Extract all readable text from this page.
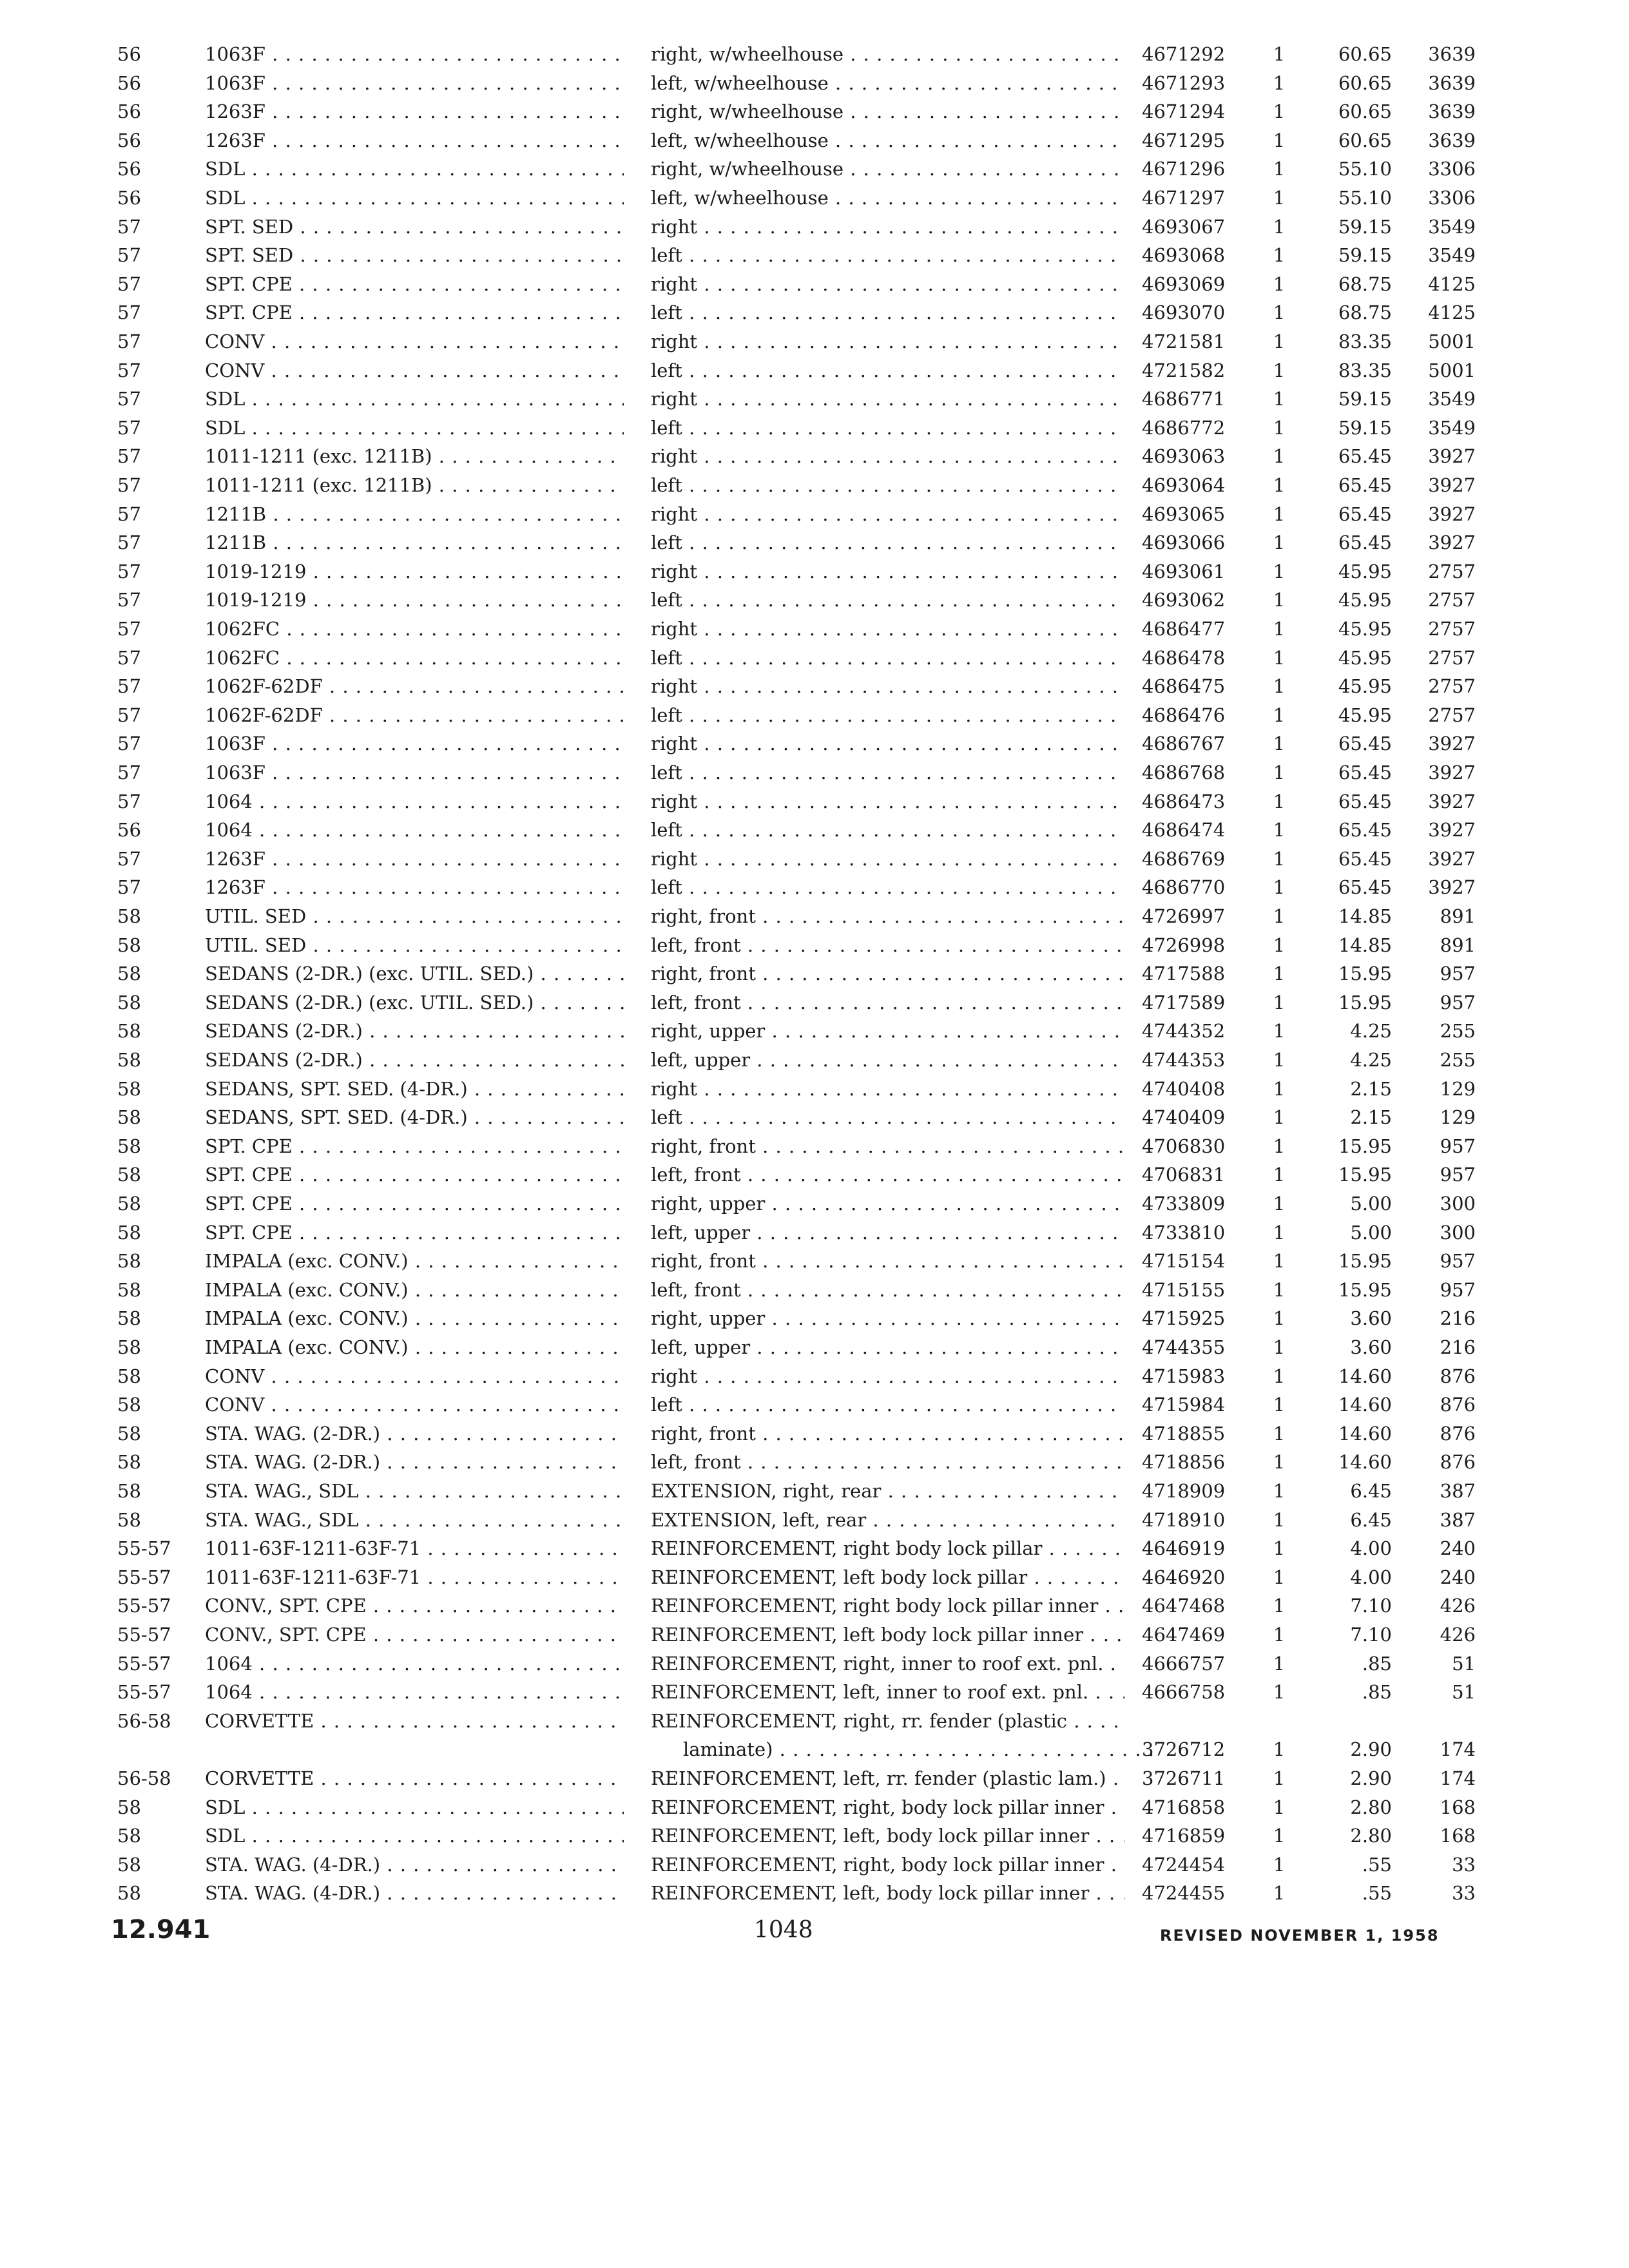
56	1063F . . .	right, w/wheelhouse . . .	4671292	1	60.65	3639
56	1063F . . .	left, w/wheelhouse . . .	4671293	1	60.65	3639
56	1263F . . .	right, w/wheelhouse . . .	4671294	1	60.65	3639
56	1263F . . .	left, w/wheelhouse . . .	4671295	1	60.65	3639
56	SDL . . .	right, w/wheelhouse . . .	4671296	1	55.10	3306
56	SDL . . .	left, w/wheelhouse . . .	4671297	1	55.10	3306
57	SPT. SED . . .	right . . .	4693067	1	59.15	3549
57	SPT. SED . . .	left . . .	4693068	1	59.15	3549
57	SPT. CPE . . .	right . . .	4693069	1	68.75	4125
57	SPT. CPE . . .	left . . .	4693070	1	68.75	4125
57	CONV . . .	right . . .	4721581	1	83.35	5001
57	CONV . . .	left . . .	4721582	1	83.35	5001
57	SDL . . .	right . . .	4686771	1	59.15	3549
57	SDL . . .	left . . .	4686772	1	59.15	3549
57	1011-1211 (exc. 1211B) . . .	right . . .	4693063	1	65.45	3927
57	1011-1211 (exc. 1211B) . . .	left . . .	4693064	1	65.45	3927
57	1211B . . .	right . . .	4693065	1	65.45	3927
57	1211B . . .	left . . .	4693066	1	65.45	3927
57	1019-1219 . . .	right . . .	4693061	1	45.95	2757
57	1019-1219 . . .	left . . .	4693062	1	45.95	2757
57	1062FC . . .	right . . .	4686477	1	45.95	2757
57	1062FC . . .	left . . .	4686478	1	45.95	2757
57	1062F-62DF . . .	right . . .	4686475	1	45.95	2757
57	1062F-62DF . . .	left . . .	4686476	1	45.95	2757
57	1063F . . .	right . . .	4686767	1	65.45	3927
57	1063F . . .	left . . .	4686768	1	65.45	3927
57	1064 . . .	right . . .	4686473	1	65.45	3927
56	1064 . . .	left . . .	4686474	1	65.45	3927
57	1263F . . .	right . . .	4686769	1	65.45	3927
57	1263F . . .	left . . .	4686770	1	65.45	3927
58	UTIL. SED . . .	right, front . . .	4726997	1	14.85	891
58	UTIL. SED . . .	left, front . . .	4726998	1	14.85	891
58	SEDANS (2-DR.) (exc. UTIL. SED.) . . .	right, front . . .	4717588	1	15.95	957
58	SEDANS (2-DR.) (exc. UTIL. SED.) . . .	left, front . . .	4717589	1	15.95	957
58	SEDANS (2-DR.) . . .	right, upper . . .	4744352	1	4.25	255
58	SEDANS (2-DR.) . . .	left, upper . . .	4744353	1	4.25	255
58	SEDANS, SPT. SED. (4-DR.) . . .	right . . .	4740408	1	2.15	129
58	SEDANS, SPT. SED. (4-DR.) . . .	left . . .	4740409	1	2.15	129
58	SPT. CPE . . .	right, front . . .	4706830	1	15.95	957
58	SPT. CPE . . .	left, front . . .	4706831	1	15.95	957
58	SPT. CPE . . .	right, upper . . .	4733809	1	5.00	300
58	SPT. CPE . . .	left, upper . . .	4733810	1	5.00	300
58	IMPALA (exc. CONV.) . . .	right, front . . .	4715154	1	15.95	957
58	IMPALA (exc. CONV.) . . .	left, front . . .	4715155	1	15.95	957
58	IMPALA (exc. CONV.) . . .	right, upper . . .	4715925	1	3.60	216
58	IMPALA (exc. CONV.) . . .	left, upper . . .	4744355	1	3.60	216
58	CONV . . .	right . . .	4715983	1	14.60	876
58	CONV . . .	left . . .	4715984	1	14.60	876
58	STA. WAG. (2-DR.) . . .	right, front . . .	4718855	1	14.60	876
58	STA. WAG. (2-DR.) . . .	left, front . . .	4718856	1	14.60	876
58	STA. WAG., SDL . . .	EXTENSION, right, rear . . .	4718909	1	6.45	387
58	STA. WAG., SDL . . .	EXTENSION, left, rear . . .	4718910	1	6.45	387
55-57	1011-63F-1211-63F-71 . . .	REINFORCEMENT, right body lock pillar . . .	4646919	1	4.00	240
55-57	1011-63F-1211-63F-71 . . .	REINFORCEMENT, left body lock pillar . . .	4646920	1	4.00	240
55-57	CONV., SPT. CPE . . .	REINFORCEMENT, right body lock pillar inner . . .	4647468	1	7.10	426
55-57	CONV., SPT. CPE . . .	REINFORCEMENT, left body lock pillar inner . . .	4647469	1	7.10	426
55-57	1064 . . .	REINFORCEMENT, right, inner to roof ext. pnl. . . .	4666757	1	.85	51
55-57	1064 . . .	REINFORCEMENT, left, inner to roof ext. pnl. . . .	4666758	1	.85	51
56-58	CORVETTE . . .	REINFORCEMENT, right, rr. fender (plastic . . .
laminate) . . .	3726712	1	2.90	174
56-58	CORVETTE . . .	REINFORCEMENT, left, rr. fender (plastic lam.) . . .	3726711	1	2.90	174
58	SDL . . .	REINFORCEMENT, right, body lock pillar inner . . .	4716858	1	2.80	168
58	SDL . . .	REINFORCEMENT, left, body lock pillar inner . . .	4716859	1	2.80	168
58	STA. WAG. (4-DR.) . . .	REINFORCEMENT, right, body lock pillar inner . . .	4724454	1	.55	33
58	STA. WAG. (4-DR.) . . .	REINFORCEMENT, left, body lock pillar inner . . .	4724455	1	.55	33
12.941	1048	REVISED NOVEMBER 1, 1958
